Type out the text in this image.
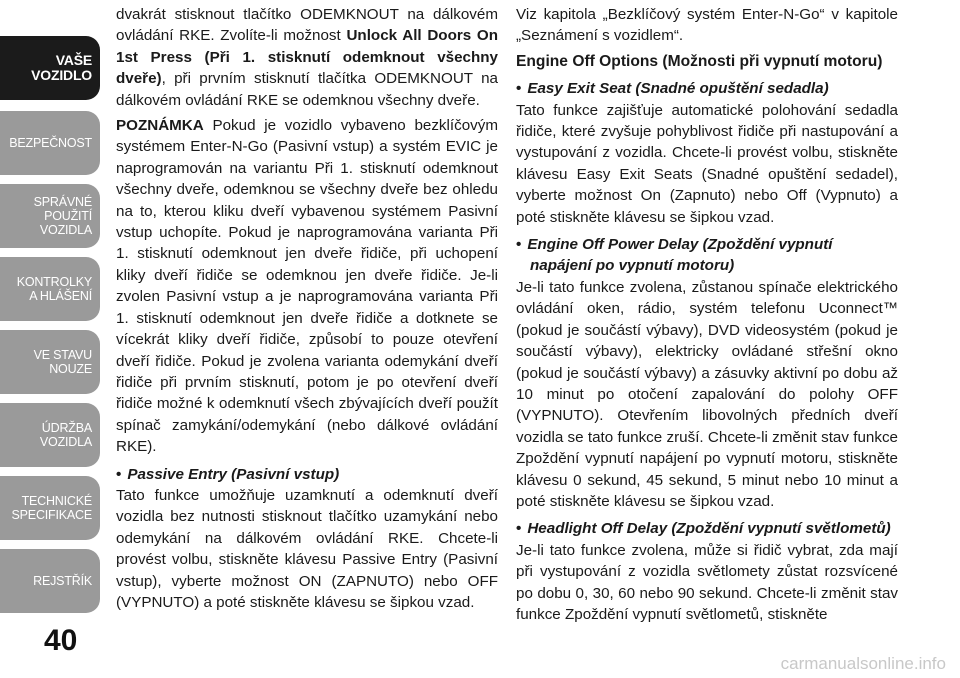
VAŠE
VOZIDLO
BEZPEČNOST
SPRÁVNÉ
POUŽITÍ
VOZIDLA
KONTROLKY
A HLÁŠENÍ
VE STAVU
NOUZE
ÚDRŽBA
VOZIDLA
TECHNICKÉ
SPECIFIKACE
REJSTŘÍK
40

dvakrát stisknout tlačítko ODEMKNOUT na dálkovém ovládání RKE. Zvolíte-li možnost Unlock All Doors On 1st Press (Při 1. stisknutí odemknout všechny dveře), při prvním stisknutí tlačítka ODEMKNOUT na dálkovém ovládání RKE se odemknou všechny dveře.

POZNÁMKA Pokud je vozidlo vybaveno bezklíčovým systémem Enter-N-Go (Pasivní vstup) a systém EVIC je naprogramován na variantu Při 1. stisknutí odemknout všechny dveře, odemknou se všechny dveře bez ohledu na to, kterou kliku dveří vybavenou systémem Pasivní vstup uchopíte. Pokud je naprogramována varianta Při 1. stisknutí odemknout jen dveře řidiče, při uchopení kliky dveří řidiče se odemknou jen dveře řidiče. Je-li zvolen Pasivní vstup a je naprogramována varianta Při 1. stisknutí odemknout jen dveře řidiče a dotknete se vícekrát kliky dveří řidiče, způsobí to pouze otevření dveří řidiče. Pokud je zvolena varianta odemykání dveří řidiče při prvním stisknutí, potom je po otevření dveří řidiče možné k odemknutí všech zbývajících dveří použít spínač zamykání/odemykání (nebo dálkové ovládání RKE).

• Passive Entry (Pasivní vstup)

Tato funkce umožňuje uzamknutí a odemknutí dveří vozidla bez nutnosti stisknout tlačítko uzamykání nebo odemykání na dálkovém ovládání RKE. Chcete-li provést volbu, stiskněte klávesu Passive Entry (Pasivní vstup), vyberte možnost ON (ZAPNUTO) nebo OFF (VYPNUTO) a poté stiskněte klávesu se šipkou vzad.

Viz kapitola „Bezklíčový systém Enter-N-Go“ v kapitole „Seznámení s vozidlem“.

Engine Off Options (Možnosti při vypnutí motoru)
• Easy Exit Seat (Snadné opuštění sedadla)

Tato funkce zajišťuje automatické polohování sedadla řidiče, které zvyšuje pohyblivost řidiče při nastupování a vystupování z vozidla. Chcete-li provést volbu, stiskněte klávesu Easy Exit Seats (Snadné opuštění sedadel), vyberte možnost On (Zapnuto) nebo Off (Vypnuto) a poté stiskněte klávesu se šipkou vzad.

• Engine Off Power Delay (Zpoždění vypnutí napájení po vypnutí motoru)

Je-li tato funkce zvolena, zůstanou spínače elektrického ovládání oken, rádio, systém telefonu Uconnect™ (pokud je součástí výbavy), DVD videosystém (pokud je součástí výbavy), elektricky ovládané střešní okno (pokud je součástí výbavy) a zásuvky aktivní po dobu až 10 minut po otočení zapalování do polohy OFF (VYPNUTO). Otevřením libovolných předních dveří vozidla se tato funkce zruší. Chcete-li změnit stav funkce Zpoždění vypnutí napájení po vypnutí motoru, stiskněte klávesu 0 sekund, 45 sekund, 5 minut nebo 10 minut a poté stiskněte klávesu se šipkou vzad.

• Headlight Off Delay (Zpoždění vypnutí světlometů)

Je-li tato funkce zvolena, může si řidič vybrat, zda mají při vystupování z vozidla světlomety zůstat rozsvícené po dobu 0, 30, 60 nebo 90 sekund. Chcete-li změnit stav funkce Zpoždění vypnutí světlometů, stiskněte

carmanualsonline.info
